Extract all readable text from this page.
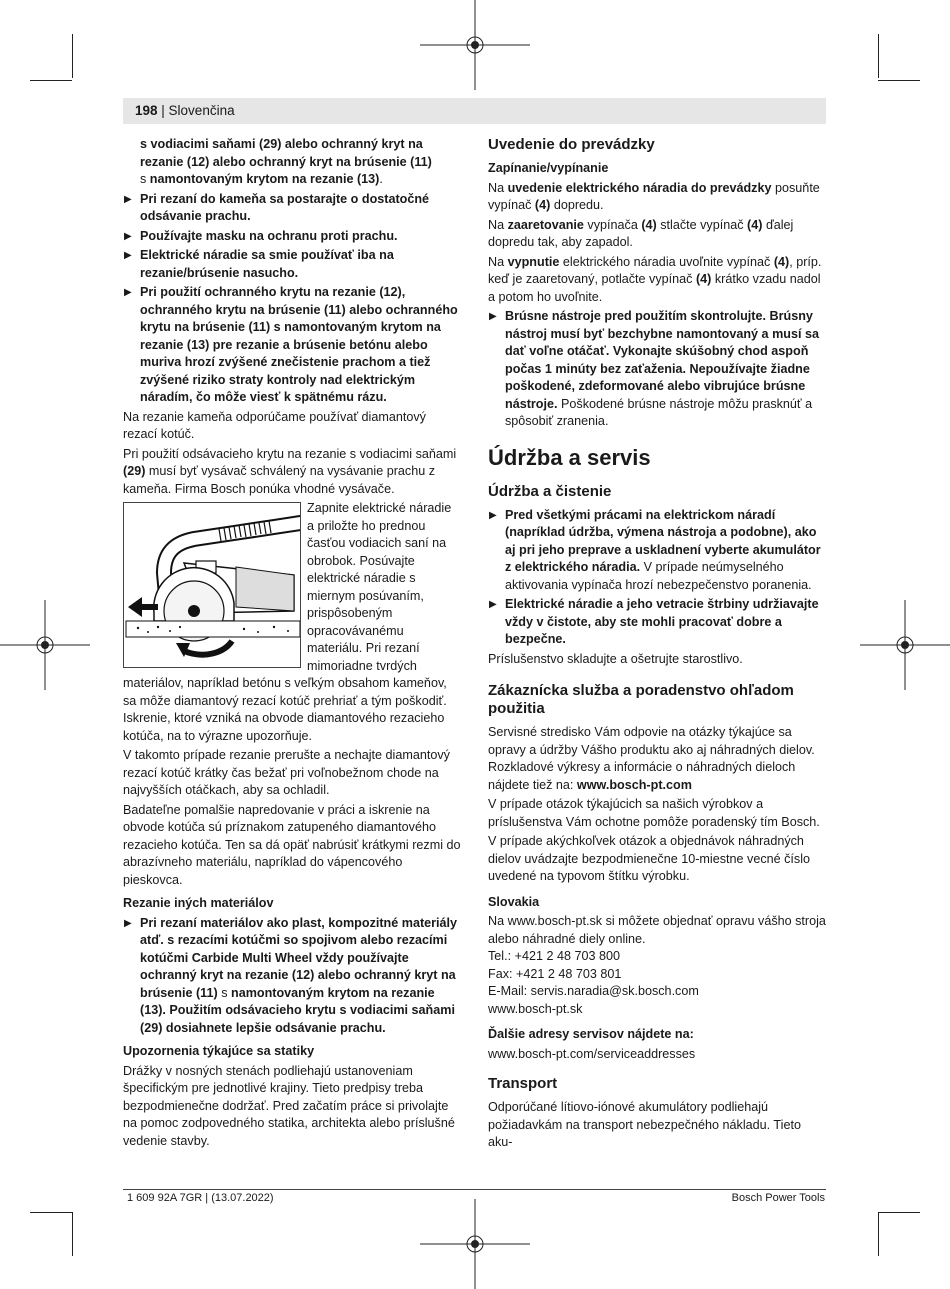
198 | Slovenčina

s vodiacimi saňami (29) alebo ochranný kryt na rezanie (12) alebo ochranný kryt na brúsenie (11)
s namontovaným krytom na rezanie (13).

▶ Pri rezaní do kameňa sa postarajte o dostatočné odsávanie prachu.
▶ Používajte masku na ochranu proti prachu.
▶ Elektrické náradie sa smie používať iba na rezanie/brúsenie nasucho.
▶ Pri použití ochranného krytu na rezanie (12), ochranného krytu na brúsenie (11) alebo ochranného krytu na brúsenie (11) s namontovaným krytom na rezanie (13) pre rezanie a brúsenie betónu alebo muriva hrozí zvýšené znečistenie prachom a tiež zvýšené riziko straty kontroly nad elektrickým náradím, čo môže viesť k spätnému rázu.

Na rezanie kameňa odporúčame používať diamantový rezací kotúč.

Pri použití odsávacieho krytu na rezanie s vodiacimi saňami (29) musí byť vysávač schválený na vysávanie prachu z kameňa. Firma Bosch ponúka vhodné vysávače.

Zapnite elektrické náradie a priložte ho prednou časťou vodiacich saní na obrobok. Posúvajte elektrické náradie s miernym posúvaním, prispôsobeným opracovávanému materiálu. Pri rezaní mimoriadne tvrdých materiálov, napríklad betónu s veľkým obsahom kameňov, sa môže diamantový rezací kotúč prehriať a tým poškodiť. Iskrenie, ktoré vzniká na obvode diamantového rezacieho kotúča, na to výrazne upozorňuje.

V takomto prípade rezanie prerušte a nechajte diamantový rezací kotúč krátky čas bežať pri voľnobežnom chode na najvyšších otáčkach, aby sa ochladil.

Badateľne pomalšie napredovanie v práci a iskrenie na obvode kotúča sú príznakom zatupeného diamantového rezacieho kotúča. Ten sa dá opäť nabrúsiť krátkymi rezmi do abrazívneho materiálu, napríklad do vápencového pieskovca.

Rezanie iných materiálov
▶ Pri rezaní materiálov ako plast, kompozitné materiály atď. s rezacími kotúčmi so spojivom alebo rezacími kotúčmi Carbide Multi Wheel vždy používajte ochranný kryt na rezanie (12) alebo ochranný kryt na brúsenie (11) s namontovaným krytom na rezanie (13). Použitím odsávacieho krytu s vodiacimi saňami (29) dosiahnete lepšie odsávanie prachu.
Upozornenia týkajúce sa statiky

Drážky v nosných stenách podliehajú ustanoveniam špecifickým pre jednotlivé krajiny. Tieto predpisy treba bezpodmienečne dodržať. Pred začatím práce si privolajte na pomoc zodpovedného statika, architekta alebo príslušné vedenie stavby.

Uvedenie do prevádzky
Zapínanie/vypínanie

Na uvedenie elektrického náradia do prevádzky posuňte vypínač (4) dopredu.

Na zaaretovanie vypínača (4) stlačte vypínač (4) ďalej dopredu tak, aby zapadol.

Na vypnutie elektrického náradia uvoľnite vypínač (4), príp. keď je zaaretovaný, potlačte vypínač (4) krátko vzadu nadol a potom ho uvoľnite.

▶ Brúsne nástroje pred použitím skontrolujte. Brúsny nástroj musí byť bezchybne namontovaný a musí sa dať voľne otáčať. Vykonajte skúšobný chod aspoň počas 1 minúty bez zaťaženia. Nepoužívajte žiadne poškodené, zdeformované alebo vibrujúce brúsne nástroje. Poškodené brúsne nástroje môžu prasknúť a spôsobiť zranenia.
Údržba a servis
Údržba a čistenie
▶ Pred všetkými prácami na elektrickom náradí (napríklad údržba, výmena nástroja a podobne), ako aj pri jeho preprave a uskladnení vyberte akumulátor z elektrického náradia. V prípade neúmyselného aktivovania vypínača hrozí nebezpečenstvo poranenia.
▶ Elektrické náradie a jeho vetracie štrbiny udržiavajte vždy v čistote, aby ste mohli pracovať dobre a bezpečne.

Príslušenstvo skladujte a ošetrujte starostlivo.

Zákaznícka služba a poradenstvo ohľadom použitia

Servisné stredisko Vám odpovie na otázky týkajúce sa opravy a údržby Vášho produktu ako aj náhradných dielov. Rozkladové výkresy a informácie o náhradných dieloch nájdete tiež na: www.bosch-pt.com

V prípade otázok týkajúcich sa našich výrobkov a príslušenstva Vám ochotne pomôže poradenský tím Bosch.

V prípade akýchkoľvek otázok a objednávok náhradných dielov uvádzajte bezpodmienečne 10-miestne vecné číslo uvedené na typovom štítku výrobku.

Slovakia

Na www.bosch-pt.sk si môžete objednať opravu vášho stroja alebo náhradné diely online.

Tel.: +421 2 48 703 800

Fax: +421 2 48 703 801

E-Mail: servis.naradia@sk.bosch.com

www.bosch-pt.sk

Ďalšie adresy servisov nájdete na:

www.bosch-pt.com/serviceaddresses

Transport

Odporúčané lítiovo-iónové akumulátory podliehajú požiadavkám na transport nebezpečného nákladu. Tieto aku-

1 609 92A 7GR | (13.07.2022)	Bosch Power Tools
